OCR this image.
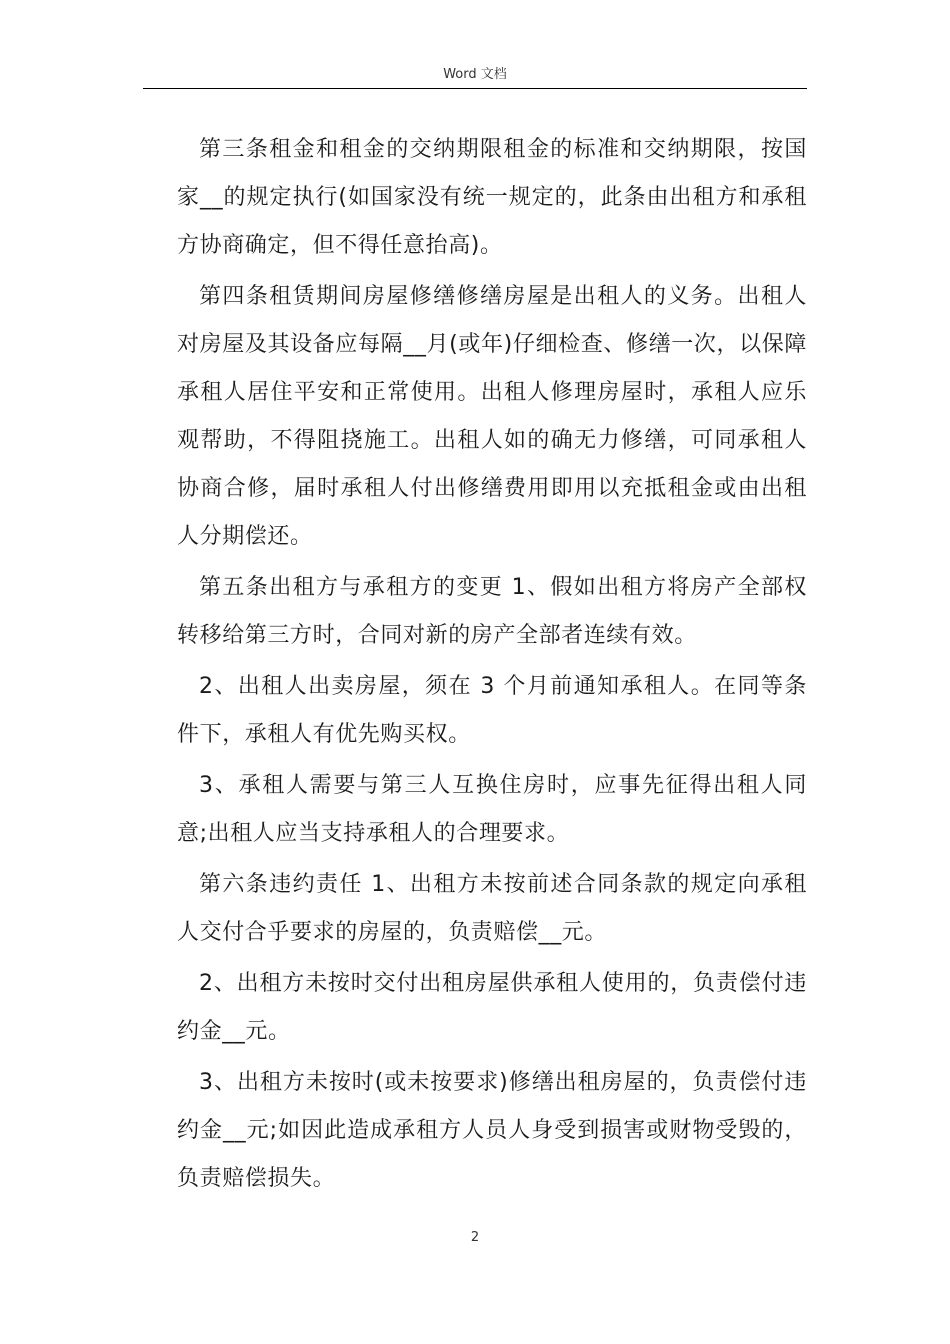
Word 文档

第三条租金和租金的交纳期限租金的标准和交纳期限，按国家__的规定执行(如国家没有统一规定的，此条由出租方和承租方协商确定，但不得任意抬高)。

第四条租赁期间房屋修缮修缮房屋是出租人的义务。出租人对房屋及其设备应每隔__月(或年)仔细检查、修缮一次，以保障承租人居住平安和正常使用。出租人修理房屋时，承租人应乐观帮助，不得阻挠施工。出租人如的确无力修缮，可同承租人协商合修，届时承租人付出修缮费用即用以充抵租金或由出租人分期偿还。

第五条出租方与承租方的变更 1、假如出租方将房产全部权转移给第三方时，合同对新的房产全部者连续有效。

2、出租人出卖房屋，须在 3 个月前通知承租人。在同等条件下，承租人有优先购买权。

3、承租人需要与第三人互换住房时，应事先征得出租人同意;出租人应当支持承租人的合理要求。

第六条违约责任 1、出租方未按前述合同条款的规定向承租人交付合乎要求的房屋的，负责赔偿__元。

2、出租方未按时交付出租房屋供承租人使用的，负责偿付违约金__元。

3、出租方未按时(或未按要求)修缮出租房屋的，负责偿付违约金__元;如因此造成承租方人员人身受到损害或财物受毁的，负责赔偿损失。

2
